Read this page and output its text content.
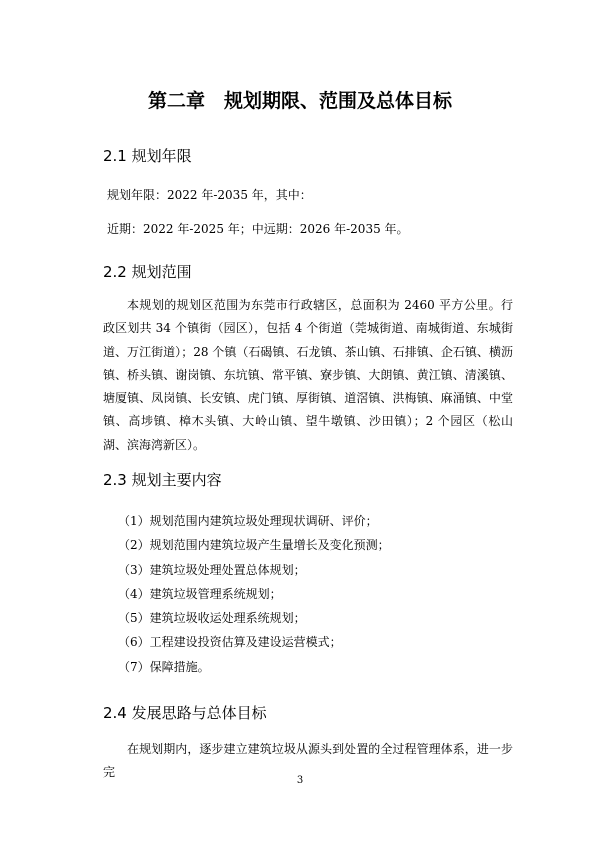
第二章　规划期限、范围及总体目标
2.1 规划年限
规划年限：2022 年-2035 年，其中：
近期：2022 年-2025 年；中远期：2026 年-2035 年。
2.2 规划范围
本规划的规划区范围为东莞市行政辖区，总面积为 2460 平方公里。行政区划共 34 个镇街（园区），包括 4 个街道（莞城街道、南城街道、东城街道、万江街道）；28 个镇（石碣镇、石龙镇、茶山镇、石排镇、企石镇、横沥镇、桥头镇、谢岗镇、东坑镇、常平镇、寮步镇、大朗镇、黄江镇、清溪镇、塘厦镇、凤岗镇、长安镇、虎门镇、厚街镇、道滘镇、洪梅镇、麻涌镇、中堂镇、高埗镇、樟木头镇、大岭山镇、望牛墩镇、沙田镇）；2 个园区（松山湖、滨海湾新区）。
2.3 规划主要内容
（1）规划范围内建筑垃圾处理现状调研、评价；
（2）规划范围内建筑垃圾产生量增长及变化预测；
（3）建筑垃圾处理处置总体规划；
（4）建筑垃圾管理系统规划；
（5）建筑垃圾收运处理系统规划；
（6）工程建设投资估算及建设运营模式；
（7）保障措施。
2.4 发展思路与总体目标
在规划期内，逐步建立建筑垃圾从源头到处置的全过程管理体系，进一步完
3
